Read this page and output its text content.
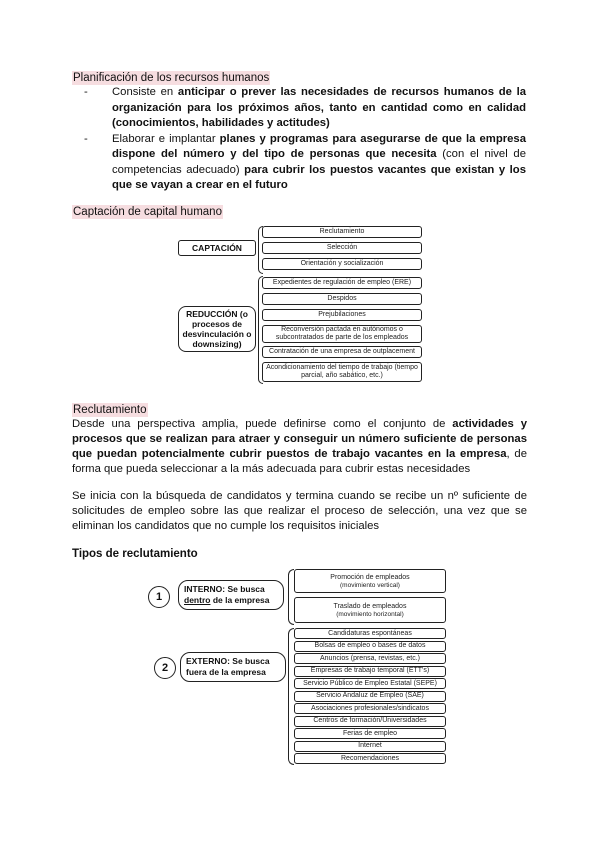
Planificación de los recursos humanos

- Consiste en anticipar o prever las necesidades de recursos humanos de la organización para los próximos años, tanto en cantidad como en calidad (conocimientos, habilidades y actitudes)

- Elaborar e implantar planes y programas para asegurarse de que la empresa dispone del número y del tipo de personas que necesita (con el nivel de competencias adecuado) para cubrir los puestos vacantes que existan y los que se vayan a crear en el futuro

Captación de capital humano
CAPTACIÓN
Reclutamiento
Selección
Orientación y socialización
REDUCCIÓN (o procesos de desvinculación o downsizing)
Expedientes de regulación de empleo (ERE)
Despidos
Prejubilaciones
Reconversión pactada en autónomos o subcontratados de parte de los empleados
Contratación de una empresa de outplacement
Acondicionamiento del tiempo de trabajo (tiempo parcial, año sabático, etc.)
Reclutamiento
Desde una perspectiva amplia, puede definirse como el conjunto de actividades y procesos que se realizan para atraer y conseguir un número suficiente de personas que puedan potencialmente cubrir puestos de trabajo vacantes en la empresa, de forma que pueda seleccionar a la más adecuada para cubrir estas necesidades
Se inicia con la búsqueda de candidatos y termina cuando se recibe un nº suficiente de solicitudes de empleo sobre las que realizar el proceso de selección, una vez que se eliminan los candidatos que no cumple los requisitos iniciales
Tipos de reclutamiento
1
INTERNO: Se busca dentro de la empresa
Promoción de empleados
(movimiento vertical)
Traslado de empleados
(movimiento horizontal)
2
EXTERNO: Se busca fuera de la empresa
Candidaturas espontáneas
Bolsas de empleo o bases de datos
Anuncios (prensa, revistas, etc.)
Empresas de trabajo temporal (ETT's)
Servicio Público de Empleo Estatal (SEPE)
Servicio Andaluz de Empleo (SAE)
Asociaciones profesionales/sindicatos
Centros de formación/Universidades
Ferias de empleo
Internet
Recomendaciones
